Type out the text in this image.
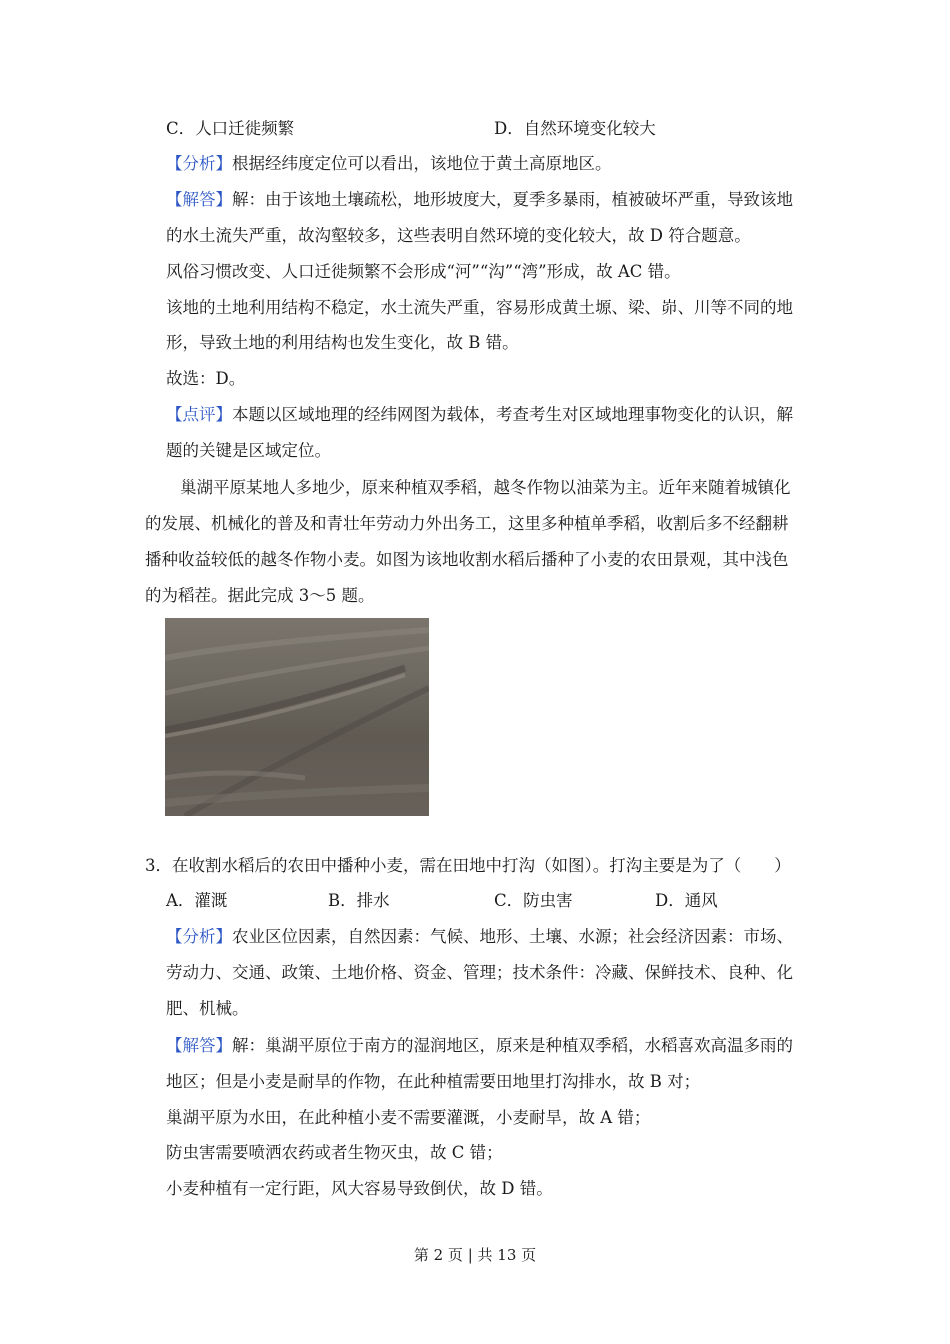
C．人口迁徙频繁	D．自然环境变化较大
【分析】根据经纬度定位可以看出，该地位于黄土高原地区。
【解答】解：由于该地土壤疏松，地形坡度大，夏季多暴雨，植被破坏严重，导致该地
的水土流失严重，故沟壑较多，这些表明自然环境的变化较大，故 D 符合题意。
风俗习惯改变、人口迁徙频繁不会形成“河”“沟”“湾”形成，故 AC 错。
该地的土地利用结构不稳定，水土流失严重，容易形成黄土塬、梁、峁、川等不同的地
形，导致土地的利用结构也发生变化，故 B 错。
故选：D。
【点评】本题以区域地理的经纬网图为载体，考查考生对区域地理事物变化的认识，解
题的关键是区域定位。
巢湖平原某地人多地少，原来种植双季稻，越冬作物以油菜为主。近年来随着城镇化
的发展、机械化的普及和青壮年劳动力外出务工，这里多种植单季稻，收割后多不经翻耕
播种收益较低的越冬作物小麦。如图为该地收割水稻后播种了小麦的农田景观，其中浅色
的为稻茬。据此完成 3～5 题。
3．在收割水稻后的农田中播种小麦，需在田地中打沟（如图）。打沟主要是为了（　　）
A．灌溉	B．排水	C．防虫害	D．通风
【分析】农业区位因素，自然因素：气候、地形、土壤、水源；社会经济因素：市场、
劳动力、交通、政策、土地价格、资金、管理；技术条件：冷藏、保鲜技术、良种、化
肥、机械。
【解答】解：巢湖平原位于南方的湿润地区，原来是种植双季稻，水稻喜欢高温多雨的
地区；但是小麦是耐旱的作物，在此种植需要田地里打沟排水，故 B 对；
巢湖平原为水田，在此种植小麦不需要灌溉，小麦耐旱，故 A 错；
防虫害需要喷洒农药或者生物灭虫，故 C 错；
小麦种植有一定行距，风大容易导致倒伏，故 D 错。
第 2 页 | 共 13 页
